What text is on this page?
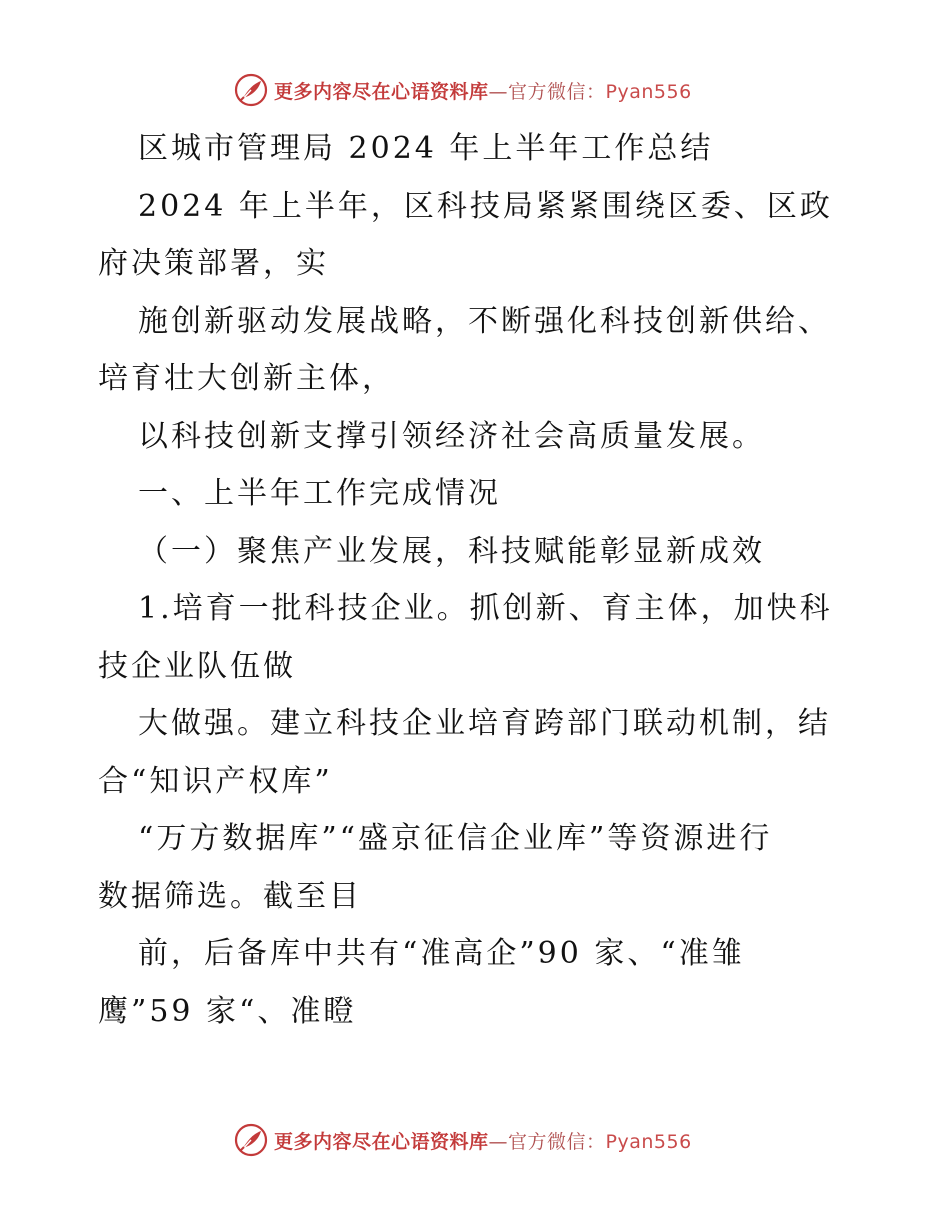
更多内容尽在心语资料库—官方微信：Pyan556
区城市管理局 2024 年上半年工作总结
2024 年上半年，区科技局紧紧围绕区委、区政
府决策部署，实
施创新驱动发展战略，不断强化科技创新供给、
培育壮大创新主体，
以科技创新支撑引领经济社会高质量发展。
一、上半年工作完成情况
（一）聚焦产业发展，科技赋能彰显新成效
1.培育一批科技企业。抓创新、育主体，加快科
技企业队伍做
大做强。建立科技企业培育跨部门联动机制，结
合“知识产权库”
“万方数据库”“盛京征信企业库”等资源进行
数据筛选。截至目
前，后备库中共有“准高企”90 家、“准雏
鹰”59 家“、准瞪
更多内容尽在心语资料库—官方微信：Pyan556
